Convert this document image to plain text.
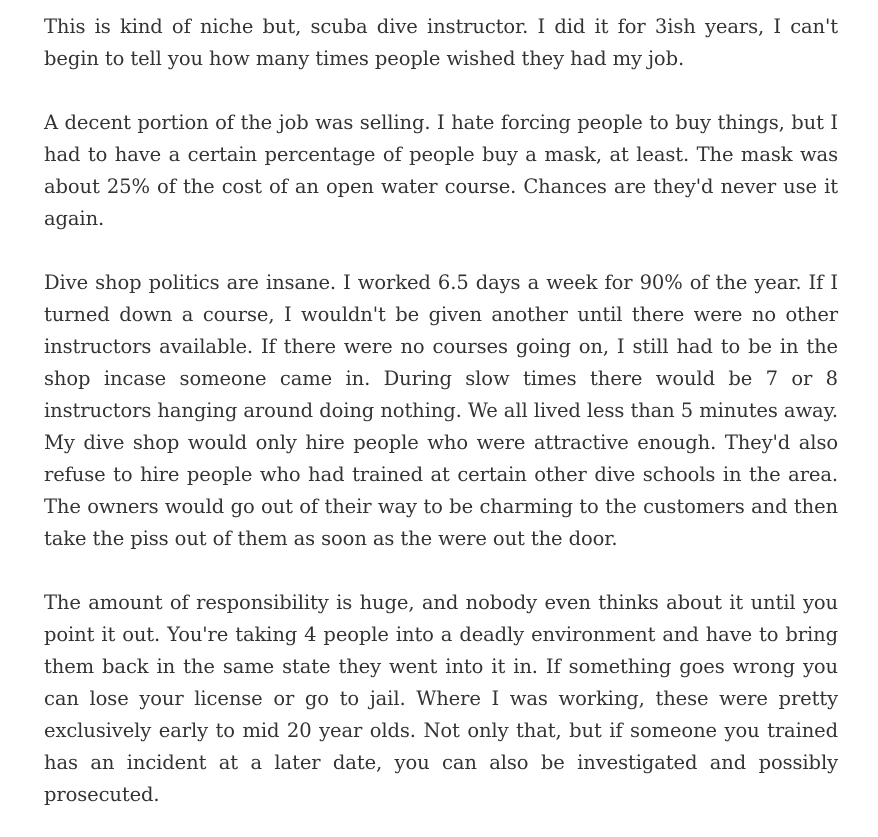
This is kind of niche but, scuba dive instructor. I did it for 3ish years, I can't begin to tell you how many times people wished they had my job.

A decent portion of the job was selling. I hate forcing people to buy things, but I had to have a certain percentage of people buy a mask, at least. The mask was about 25% of the cost of an open water course. Chances are they'd never use it again.

Dive shop politics are insane. I worked 6.5 days a week for 90% of the year. If I turned down a course, I wouldn't be given another until there were no other instructors available. If there were no courses going on, I still had to be in the shop incase someone came in. During slow times there would be 7 or 8 instructors hanging around doing nothing. We all lived less than 5 minutes away. My dive shop would only hire people who were attractive enough. They'd also refuse to hire people who had trained at certain other dive schools in the area. The owners would go out of their way to be charming to the customers and then take the piss out of them as soon as the were out the door.

The amount of responsibility is huge, and nobody even thinks about it until you point it out. You're taking 4 people into a deadly environment and have to bring them back in the same state they went into it in. If something goes wrong you can lose your license or go to jail. Where I was working, these were pretty exclusively early to mid 20 year olds. Not only that, but if someone you trained has an incident at a later date, you can also be investigated and possibly prosecuted.
